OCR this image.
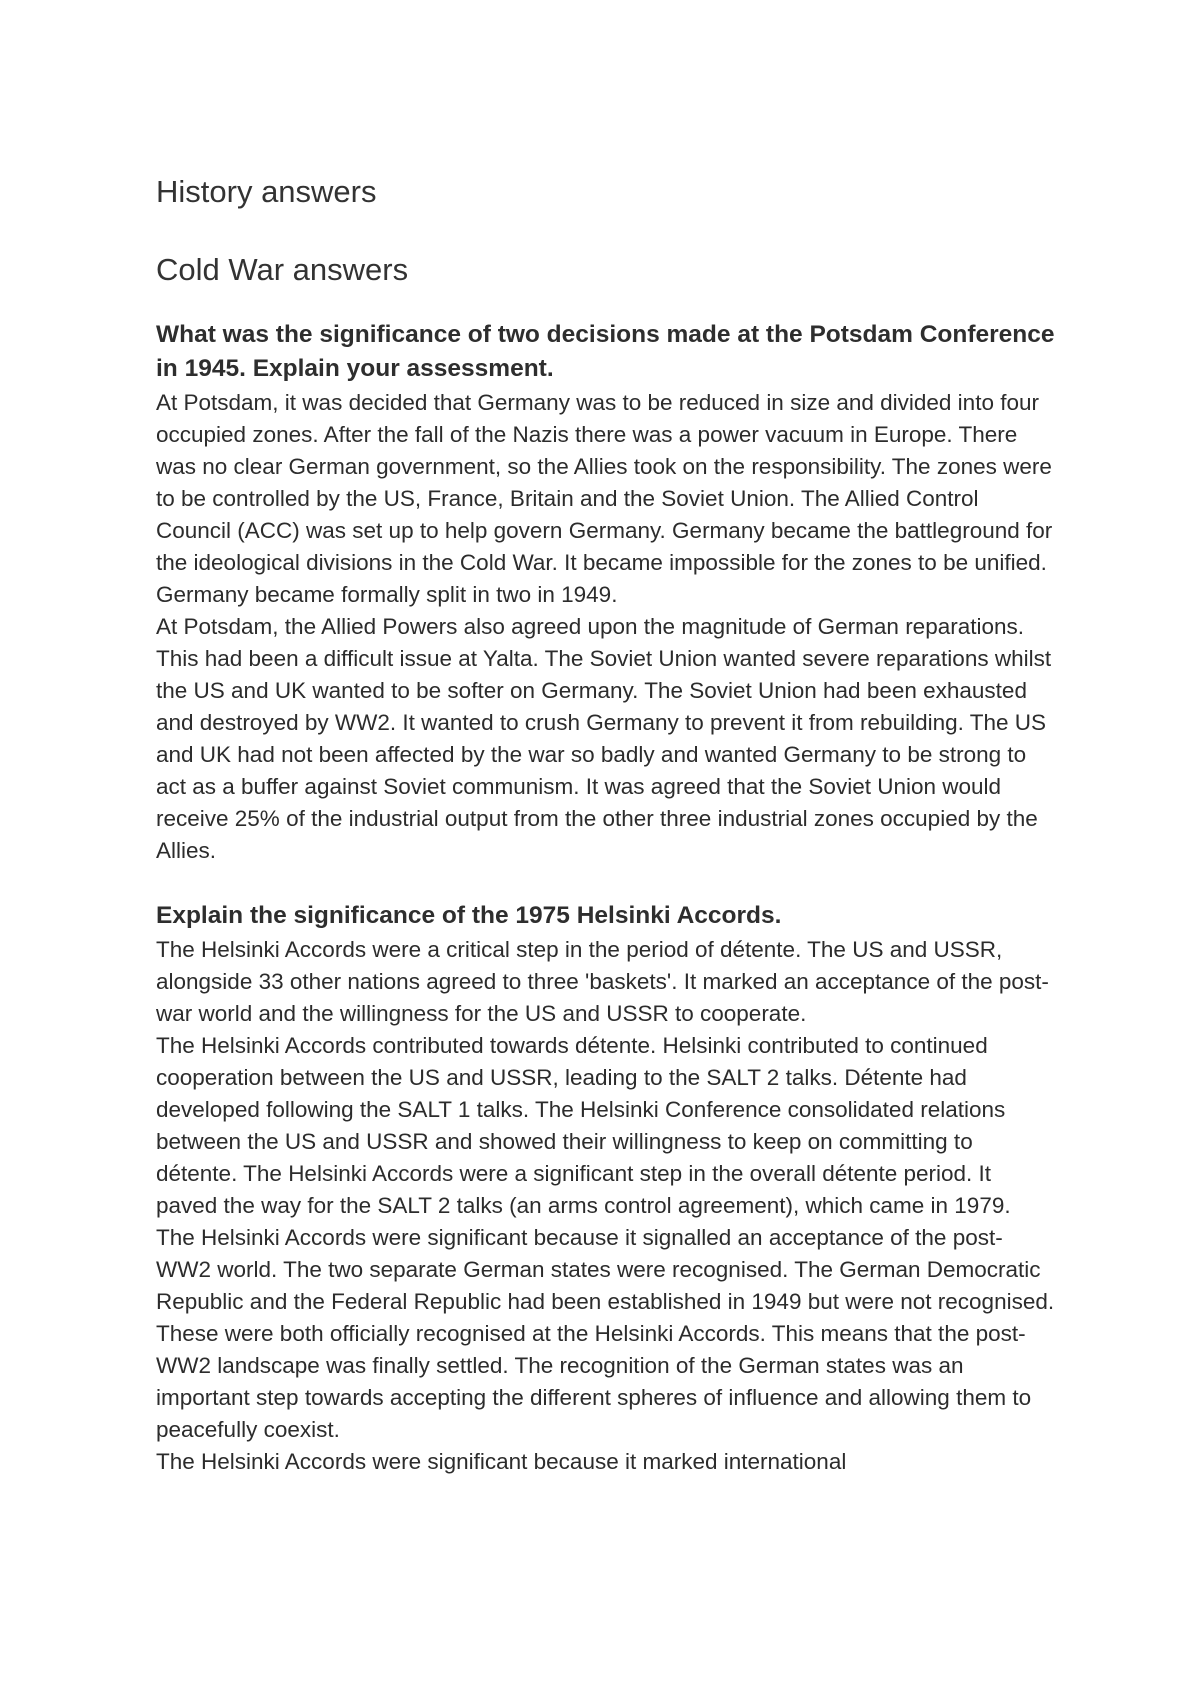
History answers
Cold War answers

What was the significance of two decisions made at the Potsdam Conference in 1945. Explain your assessment.

At Potsdam, it was decided that Germany was to be reduced in size and divided into four occupied zones. After the fall of the Nazis there was a power vacuum in Europe. There was no clear German government, so the Allies took on the responsibility. The zones were to be controlled by the US, France, Britain and the Soviet Union. The Allied Control Council (ACC) was set up to help govern Germany. Germany became the battleground for the ideological divisions in the Cold War. It became impossible for the zones to be unified. Germany became formally split in two in 1949.

At Potsdam, the Allied Powers also agreed upon the magnitude of German reparations. This had been a difficult issue at Yalta. The Soviet Union wanted severe reparations whilst the US and UK wanted to be softer on Germany. The Soviet Union had been exhausted and destroyed by WW2. It wanted to crush Germany to prevent it from rebuilding. The US and UK had not been affected by the war so badly and wanted Germany to be strong to act as a buffer against Soviet communism. It was agreed that the Soviet Union would receive 25% of the industrial output from the other three industrial zones occupied by the Allies.

Explain the significance of the 1975 Helsinki Accords.

The Helsinki Accords were a critical step in the period of détente. The US and USSR, alongside 33 other nations agreed to three 'baskets'. It marked an acceptance of the post-war world and the willingness for the US and USSR to cooperate.

The Helsinki Accords contributed towards détente. Helsinki contributed to continued cooperation between the US and USSR, leading to the SALT 2 talks. Détente had developed following the SALT 1 talks. The Helsinki Conference consolidated relations between the US and USSR and showed their willingness to keep on committing to détente. The Helsinki Accords were a significant step in the overall détente period. It paved the way for the SALT 2 talks (an arms control agreement), which came in 1979.

The Helsinki Accords were significant because it signalled an acceptance of the post-WW2 world. The two separate German states were recognised. The German Democratic Republic and the Federal Republic had been established in 1949 but were not recognised. These were both officially recognised at the Helsinki Accords. This means that the post-WW2 landscape was finally settled. The recognition of the German states was an important step towards accepting the different spheres of influence and allowing them to peacefully coexist.

The Helsinki Accords were significant because it marked international
